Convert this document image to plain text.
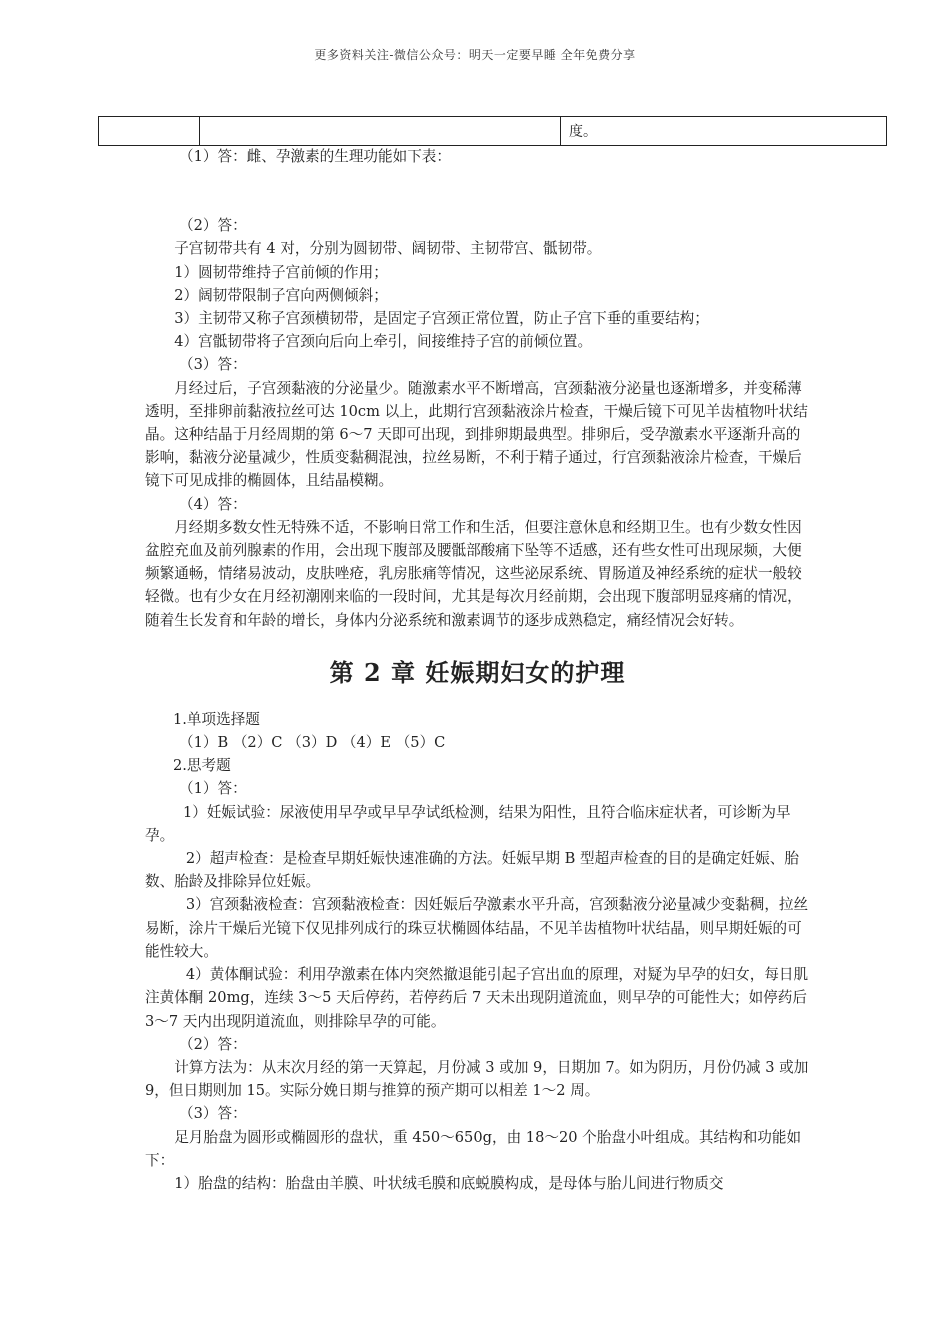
更多资料关注-微信公众号：明天一定要早睡 全年免费分享
		度。

（1）答：雌、孕激素的生理功能如下表：

（2）答：

子宫韧带共有 4 对，分别为圆韧带、阔韧带、主韧带宫、骶韧带。

1）圆韧带维持子宫前倾的作用；

2）阔韧带限制子宫向两侧倾斜；

3）主韧带又称子宫颈横韧带，是固定子宫颈正常位置，防止子宫下垂的重要结构；

4）宫骶韧带将子宫颈向后向上牵引，间接维持子宫的前倾位置。

（3）答：

月经过后，子宫颈黏液的分泌量少。随激素水平不断增高，宫颈黏液分泌量也逐渐增多，并变稀薄透明，至排卵前黏液拉丝可达 10cm 以上，此期行宫颈黏液涂片检查，干燥后镜下可见羊齿植物叶状结晶。这种结晶于月经周期的第 6～7 天即可出现，到排卵期最典型。排卵后，受孕激素水平逐渐升高的影响，黏液分泌量减少，性质变黏稠混浊，拉丝易断，不利于精子通过，行宫颈黏液涂片检查，干燥后镜下可见成排的椭圆体，且结晶模糊。

（4）答：

月经期多数女性无特殊不适，不影响日常工作和生活，但要注意休息和经期卫生。也有少数女性因盆腔充血及前列腺素的作用，会出现下腹部及腰骶部酸痛下坠等不适感，还有些女性可出现尿频，大便频繁通畅，情绪易波动，皮肤唑疮，乳房胀痛等情况，这些泌尿系统、胃肠道及神经系统的症状一般较轻微。也有少女在月经初潮刚来临的一段时间，尤其是每次月经前期，会出现下腹部明显疼痛的情况，随着生长发育和年龄的增长，身体内分泌系统和激素调节的逐步成熟稳定，痛经情况会好转。

第 2 章 妊娠期妇女的护理

1.单项选择题

（1）B （2）C （3）D （4）E （5）C

2.思考题

（1）答：

1）妊娠试验：尿液使用早孕或早早孕试纸检测，结果为阳性，且符合临床症状者，可诊断为早孕。

2）超声检查：是检查早期妊娠快速准确的方法。妊娠早期 B 型超声检查的目的是确定妊娠、胎数、胎龄及排除异位妊娠。

3）宫颈黏液检查：宫颈黏液检查：因妊娠后孕激素水平升高，宫颈黏液分泌量减少变黏稠，拉丝易断，涂片干燥后光镜下仅见排列成行的珠豆状椭圆体结晶，不见羊齿植物叶状结晶，则早期妊娠的可能性较大。

4）黄体酮试验：利用孕激素在体内突然撤退能引起子宫出血的原理，对疑为早孕的妇女，每日肌注黄体酮 20mg，连续 3～5 天后停药，若停药后 7 天未出现阴道流血，则早孕的可能性大；如停药后 3～7 天内出现阴道流血，则排除早孕的可能。

（2）答：

计算方法为：从末次月经的第一天算起，月份减 3 或加 9，日期加 7。如为阴历，月份仍减 3 或加 9，但日期则加 15。实际分娩日期与推算的预产期可以相差 1～2 周。

（3）答：

足月胎盘为圆形或椭圆形的盘状，重 450～650g，由 18～20 个胎盘小叶组成。其结构和功能如下：

1）胎盘的结构：胎盘由羊膜、叶状绒毛膜和底蜕膜构成，是母体与胎儿间进行物质交
